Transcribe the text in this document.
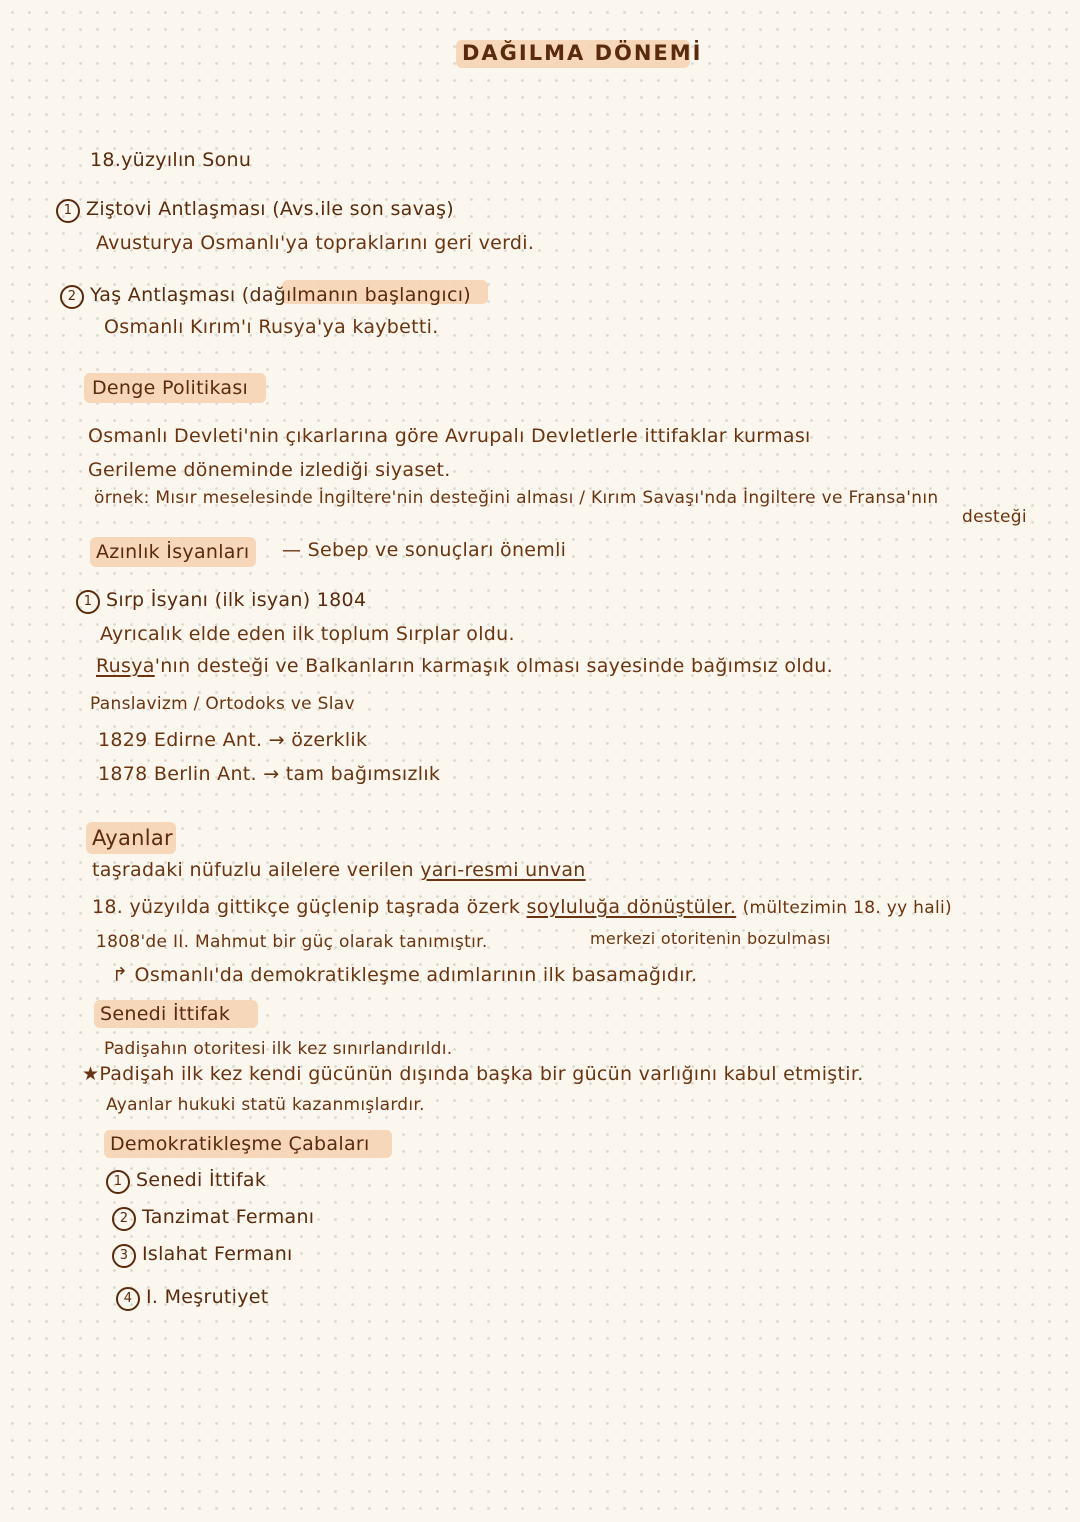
DAĞILMA DÖNEMİ
18.yüzyılın Sonu
1 Ziştovi Antlaşması (Avs.ile son savaş)
Avusturya Osmanlı'ya topraklarını geri verdi.
2 Yaş Antlaşması (dağılmanın başlangıcı)
Osmanlı Kırım'ı Rusya'ya kaybetti.
Denge Politikası
Osmanlı Devleti'nin çıkarlarına göre Avrupalı Devletlerle ittifaklar kurması
Gerileme döneminde izlediği siyaset.
örnek: Mısır meselesinde İngiltere'nin desteğini alması / Kırım Savaşı'nda İngiltere ve Fransa'nın
desteği
Azınlık İsyanları — Sebep ve sonuçları önemli
1 Sırp İsyanı (ilk isyan) 1804
Ayrıcalık elde eden ilk toplum Sırplar oldu.
Rusya'nın desteği ve Balkanların karmaşık olması sayesinde bağımsız oldu.
Panslavizm / Ortodoks ve Slav
1829 Edirne Ant. → özerklik
1878 Berlin Ant. → tam bağımsızlık
Ayanlar
taşradaki nüfuzlu ailelere verilen yarı-resmi unvan
18. yüzyılda gittikçe güçlenip taşrada özerk soyluluğa dönüştüler. (mültezimin 18. yy hali)
1808'de II. Mahmut bir güç olarak tanımıştır.	merkezi otoritenin bozulması
↱ Osmanlı'da demokratikleşme adımlarının ilk basamağıdır.
Senedi İttifak
Padişahın otoritesi ilk kez sınırlandırıldı.
★Padişah ilk kez kendi gücünün dışında başka bir gücün varlığını kabul etmiştir.
Ayanlar hukuki statü kazanmışlardır.
Demokratikleşme Çabaları
1 Senedi İttifak
2 Tanzimat Fermanı
3 Islahat Fermanı
4 I. Meşrutiyet
